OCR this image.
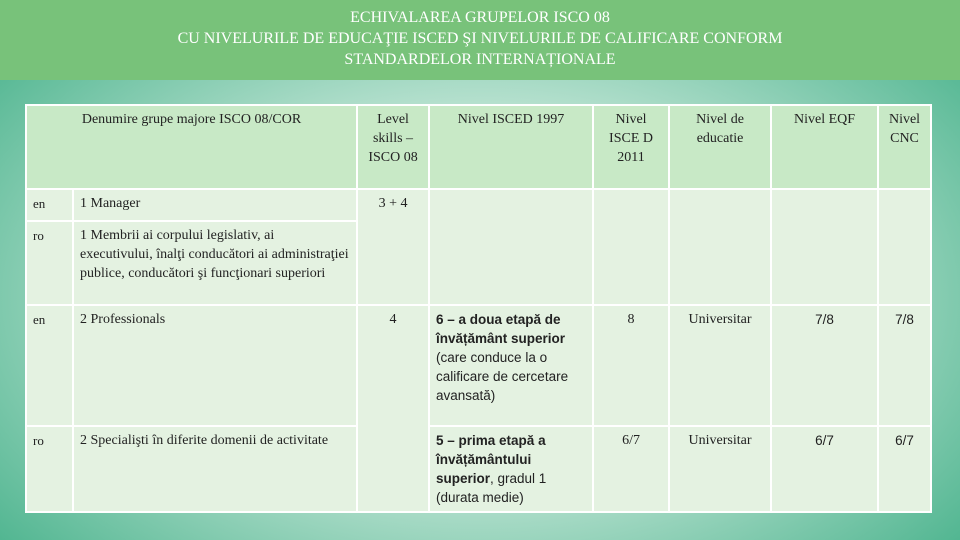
ECHIVALAREA GRUPELOR ISCO 08
CU NIVELURILE DE EDUCAŢIE ISCED ŞI NIVELURILE DE CALIFICARE CONFORM
STANDARDELOR INTERNAȚIONALE
Denumire grupe majore ISCO 08/COR		Level skills – ISCO 08	Nivel ISCED 1997	Nivel ISCE D 2011	Nivel de educatie	Nivel EQF	Nivel CNC
en	1 Manager	3 + 4					
ro	1 Membrii ai corpului legislativ, ai executivului, înalţi conducători ai administraţiei publice, conducători şi funcţionari superiori						
en	2 Professionals	4	6 – a doua etapă de învățământ superior (care conduce la o calificare de cercetare avansată)	8	Universitar	7/8	7/8
ro	2 Specialişti în diferite domenii de activitate		5 – prima etapă a învățământului superior, gradul 1 (durata medie)	6/7	Universitar	6/7	6/7
